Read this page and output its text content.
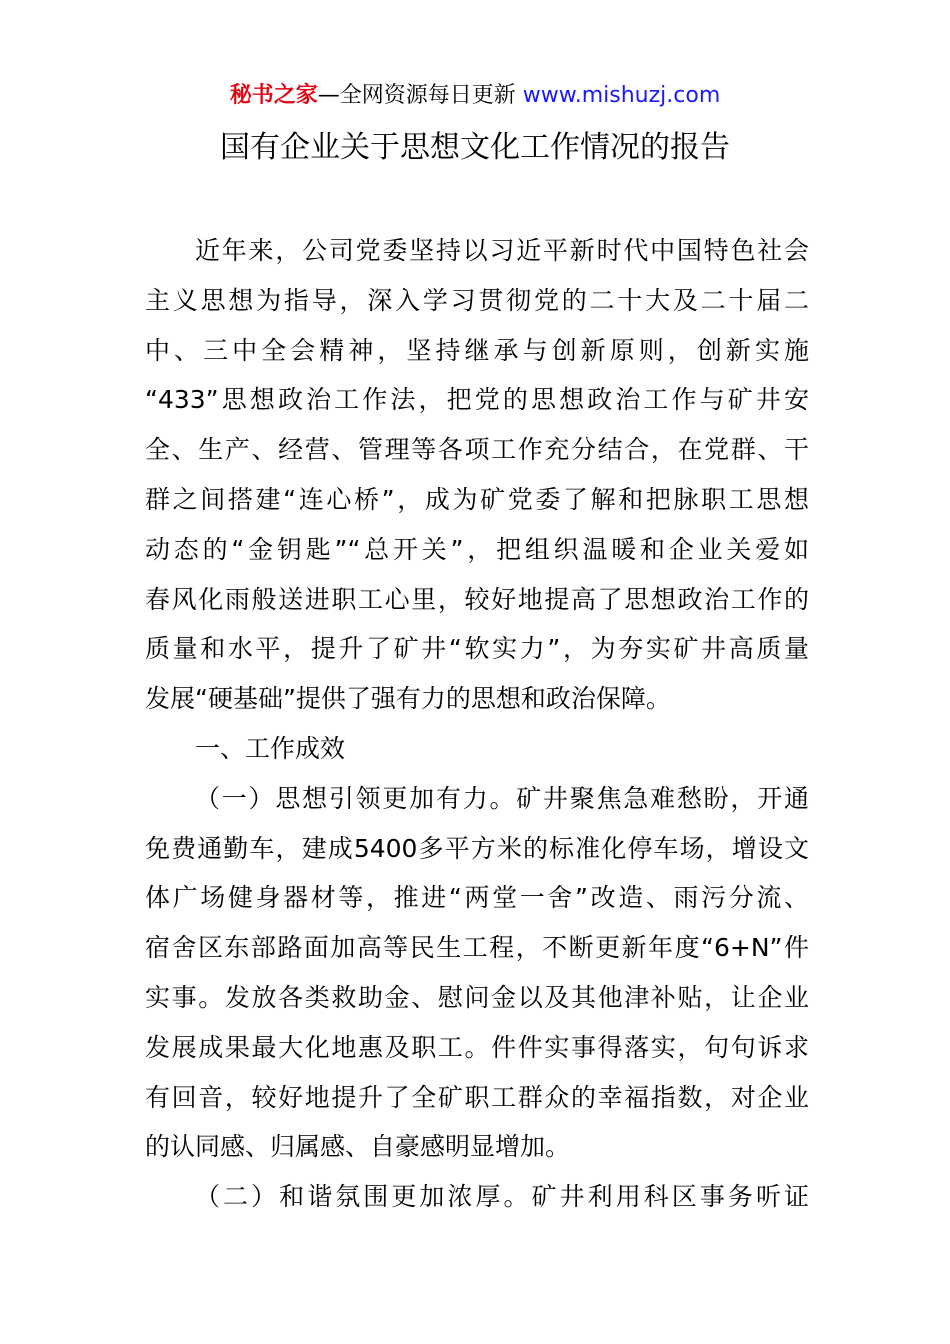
秘书之家—全网资源每日更新 www.mishuzj.com
国有企业关于思想文化工作情况的报告
近年来，公司党委坚持以习近平新时代中国特色社会
主义思想为指导，深入学习贯彻党的二十大及二十届二
中、三中全会精神，坚持继承与创新原则，创新实施
“433”思想政治工作法，把党的思想政治工作与矿井安
全、生产、经营、管理等各项工作充分结合，在党群、干
群之间搭建“连心桥”，成为矿党委了解和把脉职工思想
动态的“金钥匙”“总开关”，把组织温暖和企业关爱如
春风化雨般送进职工心里，较好地提高了思想政治工作的
质量和水平，提升了矿井“软实力”，为夯实矿井高质量
发展“硬基础”提供了强有力的思想和政治保障。
一、工作成效
（一）思想引领更加有力。矿井聚焦急难愁盼，开通
免费通勤车，建成5400多平方米的标准化停车场，增设文
体广场健身器材等，推进“两堂一舍”改造、雨污分流、
宿舍区东部路面加高等民生工程，不断更新年度“6+N”件
实事。发放各类救助金、慰问金以及其他津补贴，让企业
发展成果最大化地惠及职工。件件实事得落实，句句诉求
有回音，较好地提升了全矿职工群众的幸福指数，对企业
的认同感、归属感、自豪感明显增加。
（二）和谐氛围更加浓厚。矿井利用科区事务听证
